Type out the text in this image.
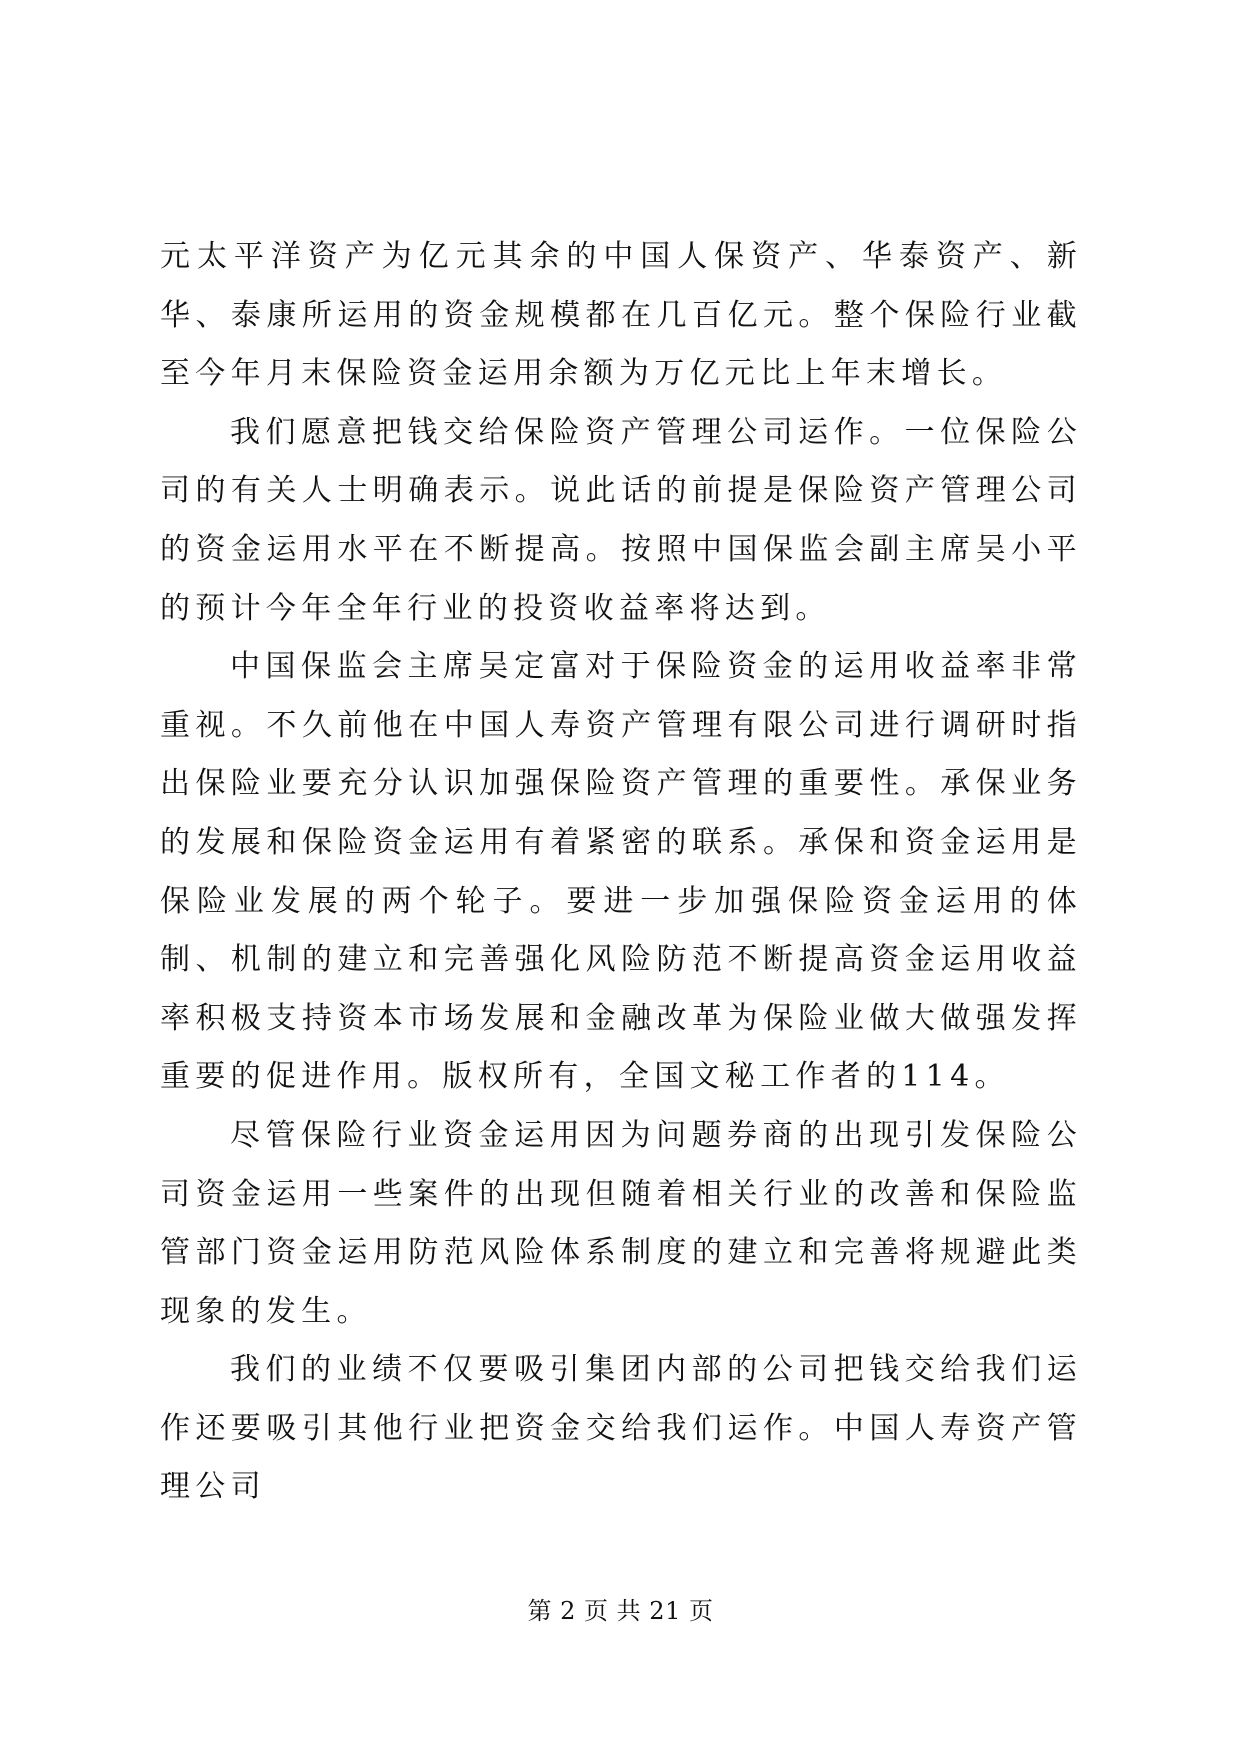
元太平洋资产为亿元其余的中国人保资产、华泰资产、新华、泰康所运用的资金规模都在几百亿元。整个保险行业截至今年月末保险资金运用余额为万亿元比上年末增长。

我们愿意把钱交给保险资产管理公司运作。一位保险公司的有关人士明确表示。说此话的前提是保险资产管理公司的资金运用水平在不断提高。按照中国保监会副主席吴小平的预计今年全年行业的投资收益率将达到。

中国保监会主席吴定富对于保险资金的运用收益率非常重视。不久前他在中国人寿资产管理有限公司进行调研时指出保险业要充分认识加强保险资产管理的重要性。承保业务的发展和保险资金运用有着紧密的联系。承保和资金运用是保险业发展的两个轮子。要进一步加强保险资金运用的体制、机制的建立和完善强化风险防范不断提高资金运用收益率积极支持资本市场发展和金融改革为保险业做大做强发挥重要的促进作用。版权所有，全国文秘工作者的114。

尽管保险行业资金运用因为问题券商的出现引发保险公司资金运用一些案件的出现但随着相关行业的改善和保险监管部门资金运用防范风险体系制度的建立和完善将规避此类现象的发生。

我们的业绩不仅要吸引集团内部的公司把钱交给我们运作还要吸引其他行业把资金交给我们运作。中国人寿资产管理公司

第 2 页 共 21 页
